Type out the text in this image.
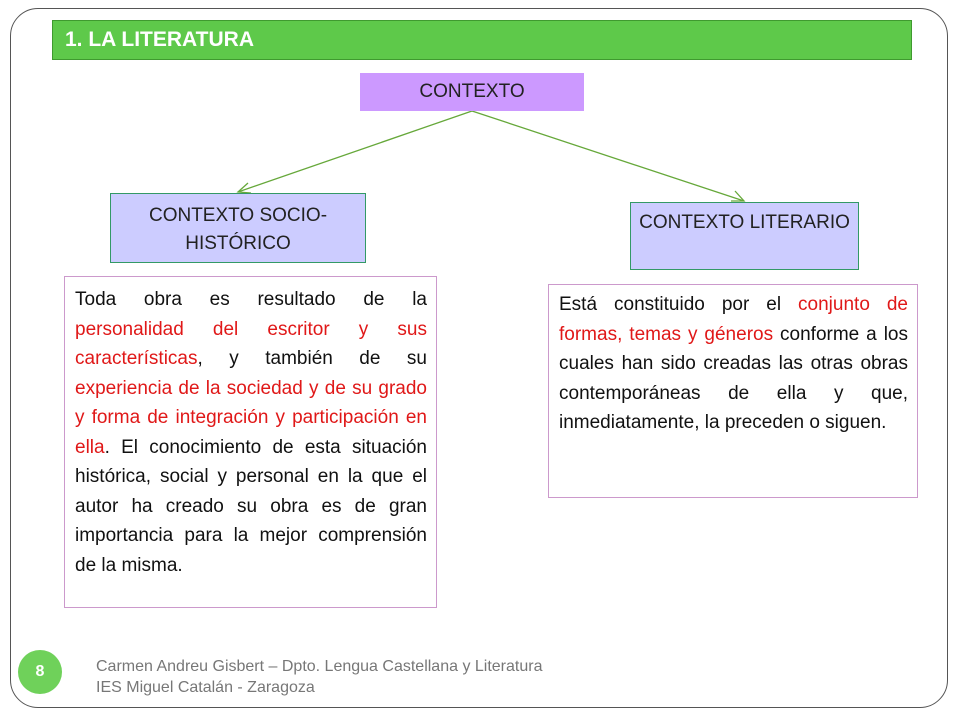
1. LA LITERATURA
CONTEXTO
CONTEXTO SOCIO-HISTÓRICO
CONTEXTO LITERARIO
Toda obra es resultado de la personalidad del escritor y sus características, y también de su experiencia de la sociedad y de su grado y forma de integración y participación en ella. El conocimiento de esta situación histórica, social y personal en la que el autor ha creado su obra es de gran importancia para la mejor comprensión de la misma.
Está constituido por el conjunto de formas, temas y géneros conforme a los cuales han sido creadas las otras obras contemporáneas de ella y que, inmediatamente, la preceden o siguen.
8	Carmen Andreu Gisbert – Dpto. Lengua Castellana y Literatura
IES Miguel Catalán - Zaragoza
